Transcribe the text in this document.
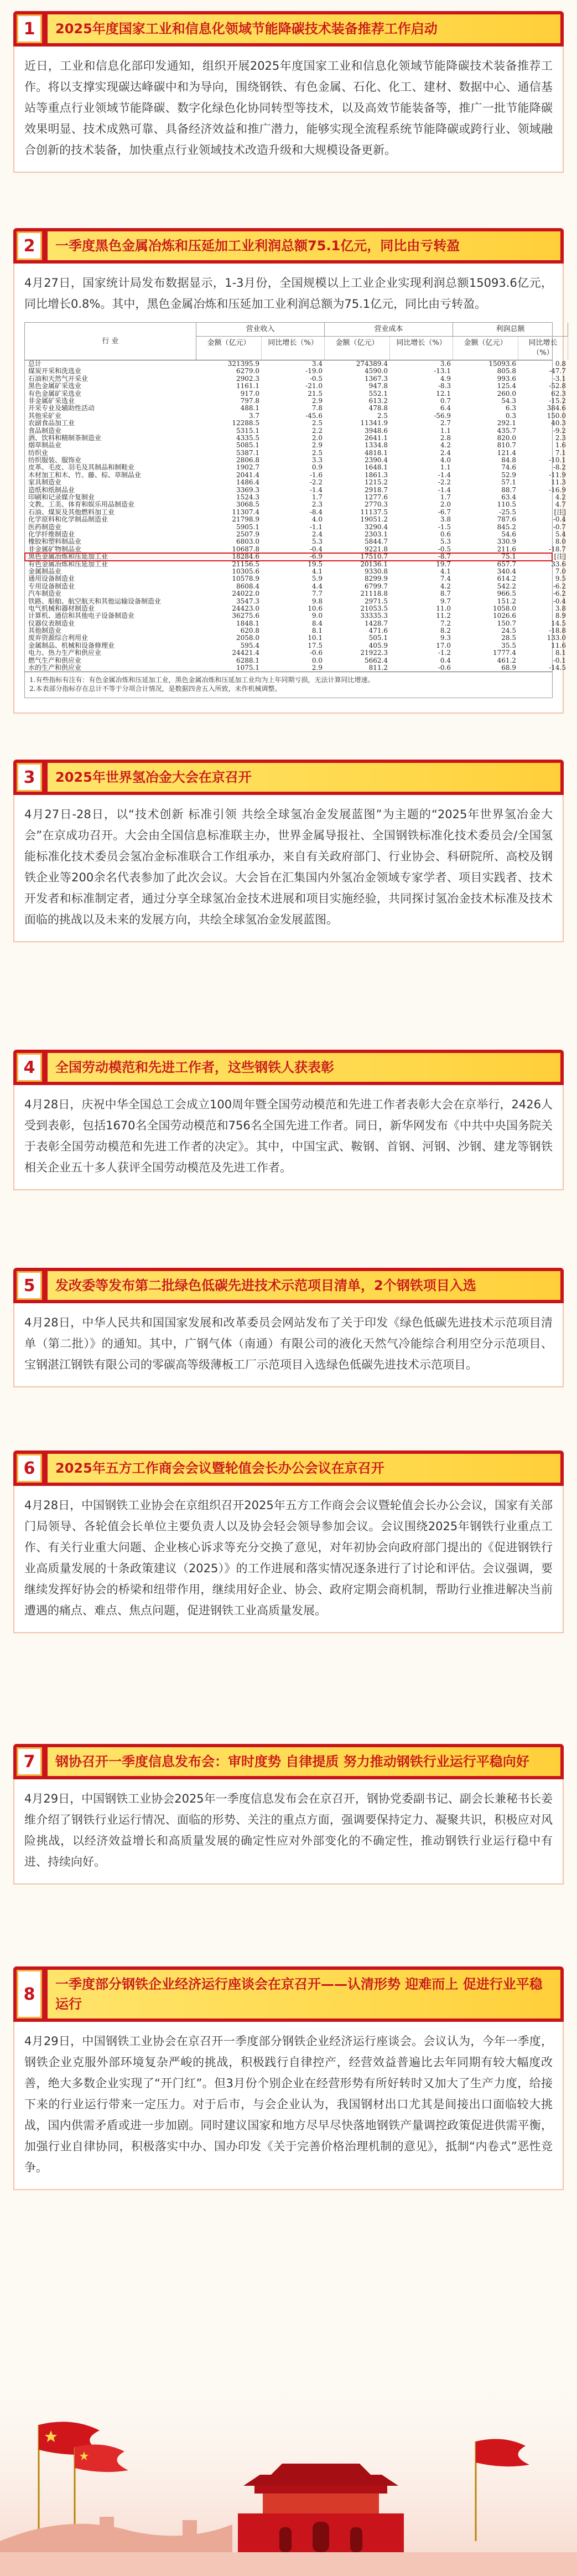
1	2025年度国家工业和信息化领域节能降碳技术装备推荐工作启动

近日，工业和信息化部印发通知，组织开展2025年度国家工业和信息化领域节能降碳技术装备推荐工作。将以支撑实现碳达峰碳中和为导向，围绕钢铁、有色金属、石化、化工、建材、数据中心、通信基站等重点行业领域节能降碳、数字化绿色化协同转型等技术，以及高效节能装备等，推广一批节能降碳效果明显、技术成熟可靠、具备经济效益和推广潜力，能够实现全流程系统节能降碳或跨行业、领域融合创新的技术装备，加快重点行业领域技术改造升级和大规模设备更新。

2	一季度黑色金属冶炼和压延加工业利润总额75.1亿元，同比由亏转盈

4月27日，国家统计局发布数据显示，1-3月份，全国规模以上工业企业实现利润总额15093.6亿元，同比增长0.8%。其中，黑色金属冶炼和压延加工业利润总额为75.1亿元，同比由亏转盈。

行 业
营业收入	营业成本	利润总额
金额（亿元）	同比增长（%）	金额（亿元）	同比增长（%）	金额（亿元）	同比增长（%）
总计	321395.9	3.4	274389.4	3.6	15093.6	0.8
煤炭开采和洗选业	6279.0	-19.0	4590.0	-13.1	805.8	-47.7
石油和天然气开采业	2902.3	-0.5	1367.3	4.9	993.6	-3.1
黑色金属矿采选业	1161.1	-21.0	947.8	-8.3	125.4	-52.8
有色金属矿采选业	917.0	21.5	552.1	12.1	260.0	62.3
非金属矿采选业	797.8	2.9	613.2	0.7	54.3	-15.2
开采专业及辅助性活动	488.1	7.8	478.8	6.4	6.3	384.6
其他采矿业	3.7	-45.6	2.5	-56.9	0.3	150.0
农副食品加工业	12288.5	2.5	11341.9	2.7	292.1	40.3
食品制造业	5315.1	2.2	3948.6	1.1	435.7	-9.2
酒、饮料和精制茶制造业	4335.5	2.0	2641.1	2.8	820.0	2.3
烟草制品业	5085.1	2.9	1334.8	4.2	810.7	1.6
纺织业	5387.1	2.5	4818.1	2.4	121.4	7.1
纺织服装、服饰业	2806.8	3.3	2390.4	4.0	84.8	-10.1
皮革、毛皮、羽毛及其制品和制鞋业	1902.7	0.9	1648.1	1.1	74.6	-8.2
木材加工和木、竹、藤、棕、草制品业	2041.4	-1.6	1861.3	-1.4	52.9	-11.9
家具制造业	1486.4	-2.2	1215.2	-2.2	57.1	11.3
造纸和纸制品业	3369.3	-1.4	2918.7	-1.4	88.7	-16.9
印刷和记录媒介复制业	1524.3	1.7	1277.6	1.7	63.4	4.2
文教、工美、体育和娱乐用品制造业	3068.5	2.3	2770.3	2.0	110.5	4.7
石油、煤炭及其他燃料加工业	11307.4	-8.4	11137.5	-6.7	-25.5	[注]
化学原料和化学制品制造业	21798.9	4.0	19051.2	3.8	787.6	-0.4
医药制造业	5905.1	-1.1	3290.4	-1.5	845.2	-0.7
化学纤维制造业	2507.9	2.4	2303.1	0.6	54.6	5.4
橡胶和塑料制品业	6803.0	5.3	5844.7	5.3	330.9	8.0
非金属矿物制品业	10687.8	-0.4	9221.8	-0.5	211.6	-18.7
黑色金属冶炼和压延加工业	18284.6	-6.9	17510.7	-8.7	75.1	[注]
有色金属冶炼和压延加工业	21156.5	19.5	20136.1	19.7	657.7	33.6
金属制品业	10305.6	4.1	9330.8	4.1	340.4	7.0
通用设备制造业	10578.9	5.9	8299.9	7.4	614.2	9.5
专用设备制造业	8608.4	4.4	6799.7	4.2	542.2	-6.2
汽车制造业	24022.0	7.7	21118.8	8.7	966.5	-6.2
铁路、船舶、航空航天和其他运输设备制造业	3547.3	9.8	2971.5	9.7	151.2	-0.4
电气机械和器材制造业	24423.0	10.6	21053.5	11.0	1058.0	3.8
计算机、通信和其他电子设备制造业	36275.6	9.0	33335.3	11.2	1026.6	8.9
仪器仪表制造业	1848.1	8.4	1428.7	7.2	150.7	14.5
其他制造业	620.8	8.1	471.6	8.2	24.5	-18.8
废弃资源综合利用业	2058.0	10.1	505.1	9.3	28.5	133.0
金属制品、机械和设备修理业	595.4	17.5	405.9	17.0	35.5	11.6
电力、热力生产和供应业	24421.4	-0.6	21922.3	-1.2	1777.4	8.1
燃气生产和供应业	6288.1	0.0	5662.4	0.4	461.2	-0.1
水的生产和供应业	1075.1	2.9	811.2	-0.6	68.9	-14.5
1.有些指标有注有：有色金属冶炼和压延加工业，黑色金属冶炼和压延加工业均为上年同期亏损，无法计算同比增速。
2.本表部分指标存在总计不等于分项合计情况，是数据四舍五入所致，未作机械调整。
3	2025年世界氢冶金大会在京召开

4月27日-28日，以“技术创新 标准引领 共绘全球氢冶金发展蓝图”为主题的“2025年世界氢冶金大会”在京成功召开。大会由全国信息标准联主办，世界金属导报社、全国钢铁标准化技术委员会/全国氢能标准化技术委员会氢冶金标准联合工作组承办，来自有关政府部门、行业协会、科研院所、高校及钢铁企业等200余名代表参加了此次会议。大会旨在汇集国内外氢冶金领域专家学者、项目实践者、技术开发者和标准制定者，通过分享全球氢冶金技术进展和项目实施经验，共同探讨氢冶金技术标准及技术面临的挑战以及未来的发展方向，共绘全球氢冶金发展蓝图。

4	全国劳动模范和先进工作者，这些钢铁人获表彰

4月28日，庆祝中华全国总工会成立100周年暨全国劳动模范和先进工作者表彰大会在京举行，2426人受到表彰，包括1670名全国劳动模范和756名全国先进工作者。同日，新华网发布《中共中央国务院关于表彰全国劳动模范和先进工作者的决定》。其中，中国宝武、鞍钢、首钢、河钢、沙钢、建龙等钢铁相关企业五十多人获评全国劳动模范及先进工作者。

5	发改委等发布第二批绿色低碳先进技术示范项目清单，2个钢铁项目入选

4月28日，中华人民共和国国家发展和改革委员会网站发布了关于印发《绿色低碳先进技术示范项目清单（第二批）》的通知。其中，广钢气体（南通）有限公司的液化天然气冷能综合利用空分示范项目、宝钢湛江钢铁有限公司的零碳高等级薄板工厂示范项目入选绿色低碳先进技术示范项目。

6	2025年五方工作商会会议暨轮值会长办公会议在京召开

4月28日，中国钢铁工业协会在京组织召开2025年五方工作商会会议暨轮值会长办公会议，国家有关部门局领导、各轮值会长单位主要负责人以及协会轻会领导参加会议。会议围绕2025年钢铁行业重点工作、有关行业重大问题、企业核心诉求等充分交换了意见，对年初协会向政府部门提出的《促进钢铁行业高质量发展的十条政策建议（2025）》的工作进展和落实情况逐条进行了讨论和评估。会议强调，要继续发挥好协会的桥梁和纽带作用，继续用好企业、协会、政府定期会商机制，帮助行业推进解决当前遭遇的痛点、难点、焦点问题，促进钢铁工业高质量发展。

7	钢协召开一季度信息发布会：审时度势 自律提质 努力推动钢铁行业运行平稳向好

4月29日，中国钢铁工业协会2025年一季度信息发布会在京召开，钢协党委副书记、副会长兼秘书长姜维介绍了钢铁行业运行情况、面临的形势、关注的重点方面，强调要保持定力、凝聚共识，积极应对风险挑战，以经济效益增长和高质量发展的确定性应对外部变化的不确定性，推动钢铁行业运行稳中有进、持续向好。

8
一季度部分钢铁企业经济运行座谈会在京召开——认清形势 迎难而上 促进行业平稳运行

4月29日，中国钢铁工业协会在京召开一季度部分钢铁企业经济运行座谈会。会议认为，今年一季度，钢铁企业克服外部环境复杂严峻的挑战，积极践行自律控产，经营效益普遍比去年同期有较大幅度改善，绝大多数企业实现了“开门红”。但3月份个别企业在经营形势有所好转时又加大了生产力度，给接下来的行业运行带来一定压力。对于后市，与会企业认为，我国钢材出口尤其是间接出口面临较大挑战，国内供需矛盾或进一步加剧。同时建议国家和地方尽早尽快落地钢铁产量调控政策促进供需平衡，加强行业自律协同，积极落实中办、国办印发《关于完善价格治理机制的意见》，抵制“内卷式”恶性竞争。
